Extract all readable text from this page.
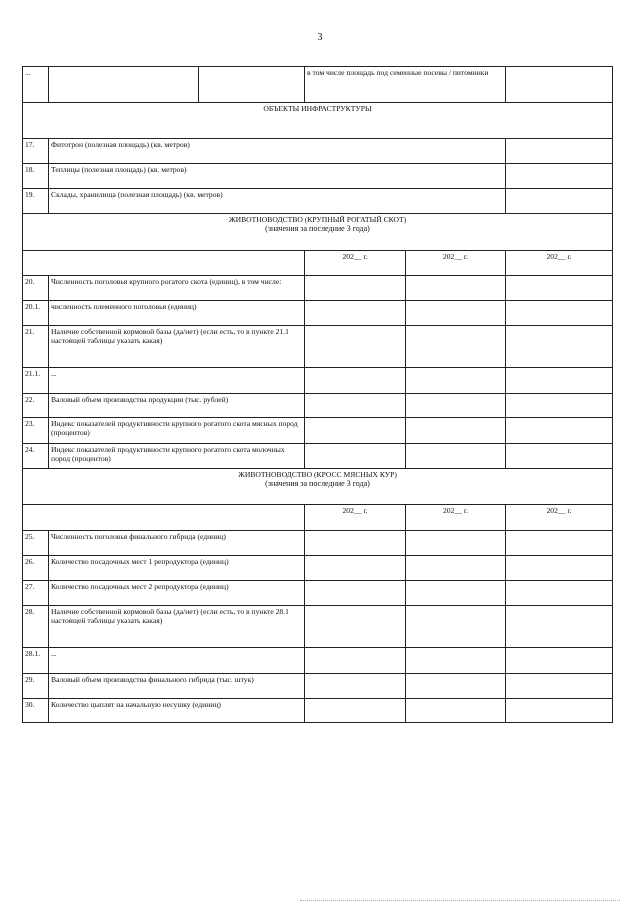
3
...			в том числе площадь под семенные посевы / питомники		
ОБЪЕКТЫ ИНФРАСТРУКТУРЫ					
17.	Фитотрон (полезная площадь) (кв. метров)				
18.	Теплицы (полезная площадь) (кв. метров)				
19.	Склады, хранилища (полезная площадь) (кв. метров)				
ЖИВОТНОВОДСТВО (КРУПНЫЙ РОГАТЫЙ СКОТ)
(значения за последние 3 года)					

			202__ г.	202__ г.	202__ г.
20.	Численность поголовья крупного рогатого скота (единиц), в том числе:				
20.1.	численность племенного поголовья (единиц)				
21.	Наличие собственной кормовой базы (да/нет) (если есть, то в пункте 21.1 настоящей таблицы указать какая)				
21.1.	...				
22.	Валовый объем производства продукции (тыс. рублей)				
23.	Индекс показателей продуктивности крупного рогатого скота мясных пород (процентов)				
24.	Индекс показателей продуктивности крупного рогатого скота молочных пород (процентов)				
ЖИВОТНОВОДСТВО (КРОСС МЯСНЫХ КУР)
(значения за последние 3 года)					

			202__ г.	202__ г.	202__ г.
25.	Численность поголовья финального гибрида (единиц)				
26.	Количество посадочных мест 1 репродуктора (единиц)				
27.	Количество посадочных мест 2 репродуктора (единиц)				
28.	Наличие собственной кормовой базы (да/нет) (если есть, то в пункте 28.1 настоящей таблицы указать какая)				
28.1.	...				
29.	Валовый объем производства финального гибрида (тыс. штук)				
30.	Количество цыплят на начальную несушку (единиц)				
